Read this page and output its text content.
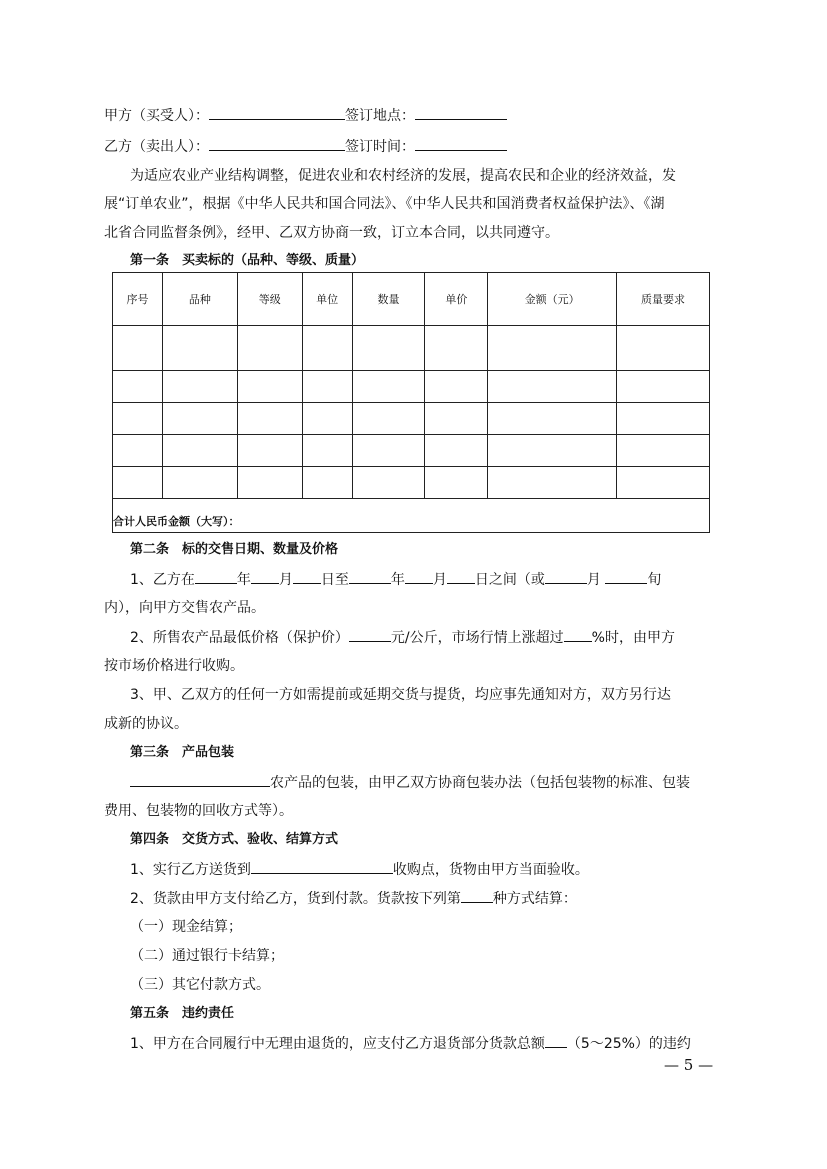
甲方（买受人）：	签订地点：
乙方（卖出人）：	签订时间：
为适应农业产业结构调整，促进农业和农村经济的发展，提高农民和企业的经济效益，发
展“订单农业”，根据《中华人民共和国合同法》、《中华人民共和国消费者权益保护法》、《湖
北省合同监督条例》，经甲、乙双方协商一致，订立本合同，以共同遵守。
第一条　买卖标的（品种、等级、质量）
序号	品种	等级	单位	数量	单价	金额（元）	质量要求

合计人民币金额（大写）：							
第二条　标的交售日期、数量及价格
1、乙方在	年 月 日至	年 月 日之间（或	月	旬
内），向甲方交售农产品。
2、所售农产品最低价格（保护价）	元/公斤，市场行情上涨超过 %时，由甲方
按市场价格进行收购。
3、甲、乙双方的任何一方如需提前或延期交货与提货，均应事先通知对方，双方另行达
成新的协议。
第三条　产品包装
农产品的包装，由甲乙双方协商包装办法（包括包装物的标准、包装
费用、包装物的回收方式等）。
第四条　交货方式、验收、结算方式
1、实行乙方送货到	收购点，货物由甲方当面验收。
2、货款由甲方支付给乙方，货到付款。货款按下列第 种方式结算：
（一）现金结算；
（二）通过银行卡结算；
（三）其它付款方式。
第五条　违约责任
1、甲方在合同履行中无理由退货的，应支付乙方退货部分货款总额 （5～25%）的违约
— 5 —
